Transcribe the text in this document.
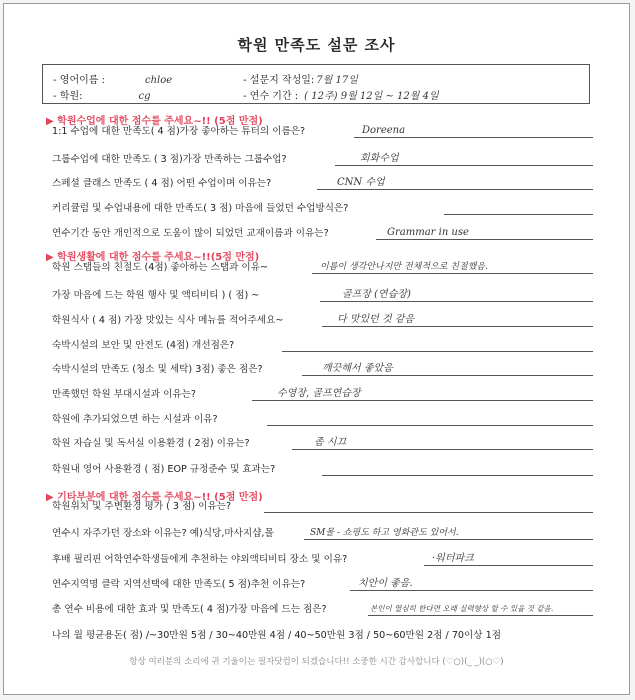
학원 만족도 설문 조사
- 영어이름 :	chloe
- 학원:	cg
- 설문지 작성일: 7월 17일
- 연수 기간 : ( 12주) 9월 12일 ~ 12월 4일
▶ 학원수업에 대한 점수를 주세요~!! (5점 만점)
1:1 수업에 대한 만족도( 4 점)가장 좋아하는 튜터의 이름은?	Doreena
그룹수업에 대한 만족도 ( 3 점)가장 만족하는 그룹수업?	회화수업
스페셜 클래스 만족도 ( 4 점) 어떤 수업이며 이유는?	CNN 수업
커리큘럼 및 수업내용에 대한 만족도( 3 점) 마음에 들었던 수업방식은?
연수기간 동안 개인적으로 도움이 많이 되었던 교재이름과 이유는?	Grammar in use
▶ 학원생활에 대한 점수를 주세요~!!(5점 만점)
학원 스탭들의 친절도 (4점) 좋아하는 스탭과 이유~	이름이 생각안나지만 전체적으로 친절했음.
가장 마음에 드는 학원 행사 및 액티비티 ) ( 점) ~	골프장 (연습장)
학원식사 ( 4 점) 가장 맛있는 식사 메뉴를 적어주세요~	다 맛있던 것 같음
숙박시설의 보안 및 안전도 (4점) 개선점은?
숙박시설의 만족도 (청소 및 세탁) 3점) 좋은 점은?	깨끗해서 좋았음
만족했던 학원 부대시설과 이유는?	수영장, 골프연습장
학원에 추가되었으면 하는 시설과 이유?
학원 자습실 및 독서실 이용환경 ( 2점) 이유는?	좀 시끄
학원내 영어 사용환경 ( 점) EOP 규정준수 및 효과는?
▶ 기타부분에 대한 점수를 주세요~!! (5점 만점)
학원위치 및 주변환경 평가 ( 3 점) 이유는?
연수시 자주가던 장소와 이유는? 예)식당,마사지샵,몰	SM몰 - 쇼핑도 하고 영화관도 있어서.
후배 필리핀 어학연수학생들에게 추천하는 야외액티비티 장소 및 이유?	·워터파크
연수지역명 클락 지역선택에 대한 만족도( 5 점)추천 이유는?	치안이 좋음.
총 연수 비용에 대한 효과 및 만족도( 4 점)가장 마음에 드는 점은?	본인이 열심히 한다면 오래 실력향상 할 수 있을 것 같음.
나의 월 평균용돈( 점) /~30만원 5점 / 30~40만원 4점 / 40~50만원 3점 / 50~60만원 2점 / 70이상 1점
항상 여러분의 소리에 귀 기울이는 필자닷컴이 되겠습니다!! 소중한 시간 감사합니다 (♡○)(_ _)(○♡)
